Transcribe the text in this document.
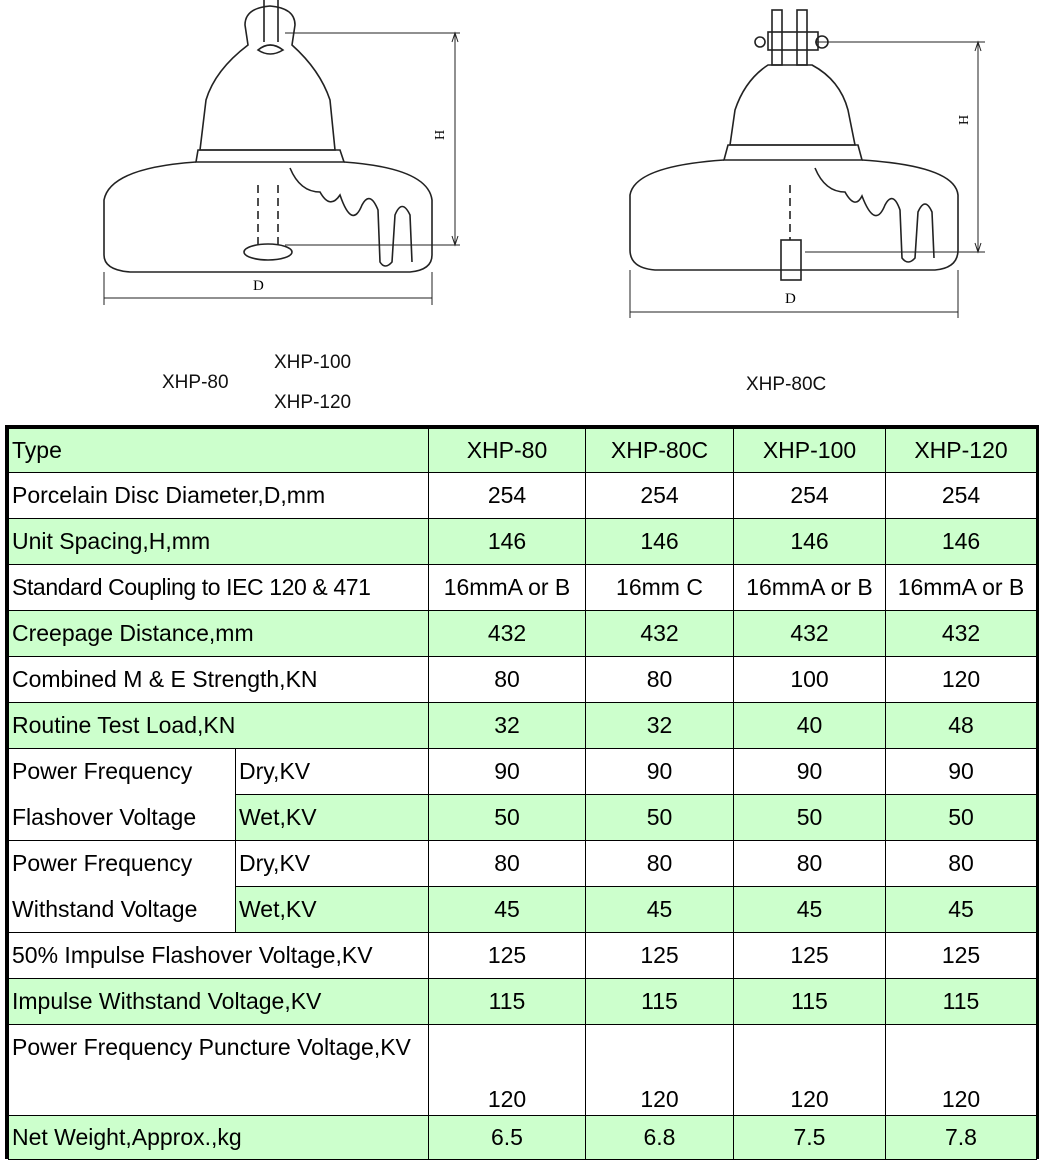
H
D
H
D
XHP-80
XHP-100
XHP-120
XHP-80C
Type		XHP-80	XHP-80C	XHP-100	XHP-120
Porcelain Disc Diameter,D,mm		254	254	254	254
Unit Spacing,H,mm		146	146	146	146
Standard Coupling to IEC 120 & 471		16mmA or B	16mm C	16mmA or B	16mmA or B
Creepage Distance,mm		432	432	432	432
Combined M & E Strength,KN		80	80	100	120
Routine Test Load,KN		32	32	40	48
Power Frequency	Dry,KV	90	90	90	90
Flashover Voltage	Wet,KV	50	50	50	50
Power Frequency	Dry,KV	80	80	80	80
Withstand Voltage	Wet,KV	45	45	45	45
50% Impulse Flashover Voltage,KV		125	125	125	125
Impulse Withstand Voltage,KV		115	115	115	115
Power Frequency Puncture Voltage,KV		120	120	120	120
Net Weight,Approx.,kg		6.5	6.8	7.5	7.8
